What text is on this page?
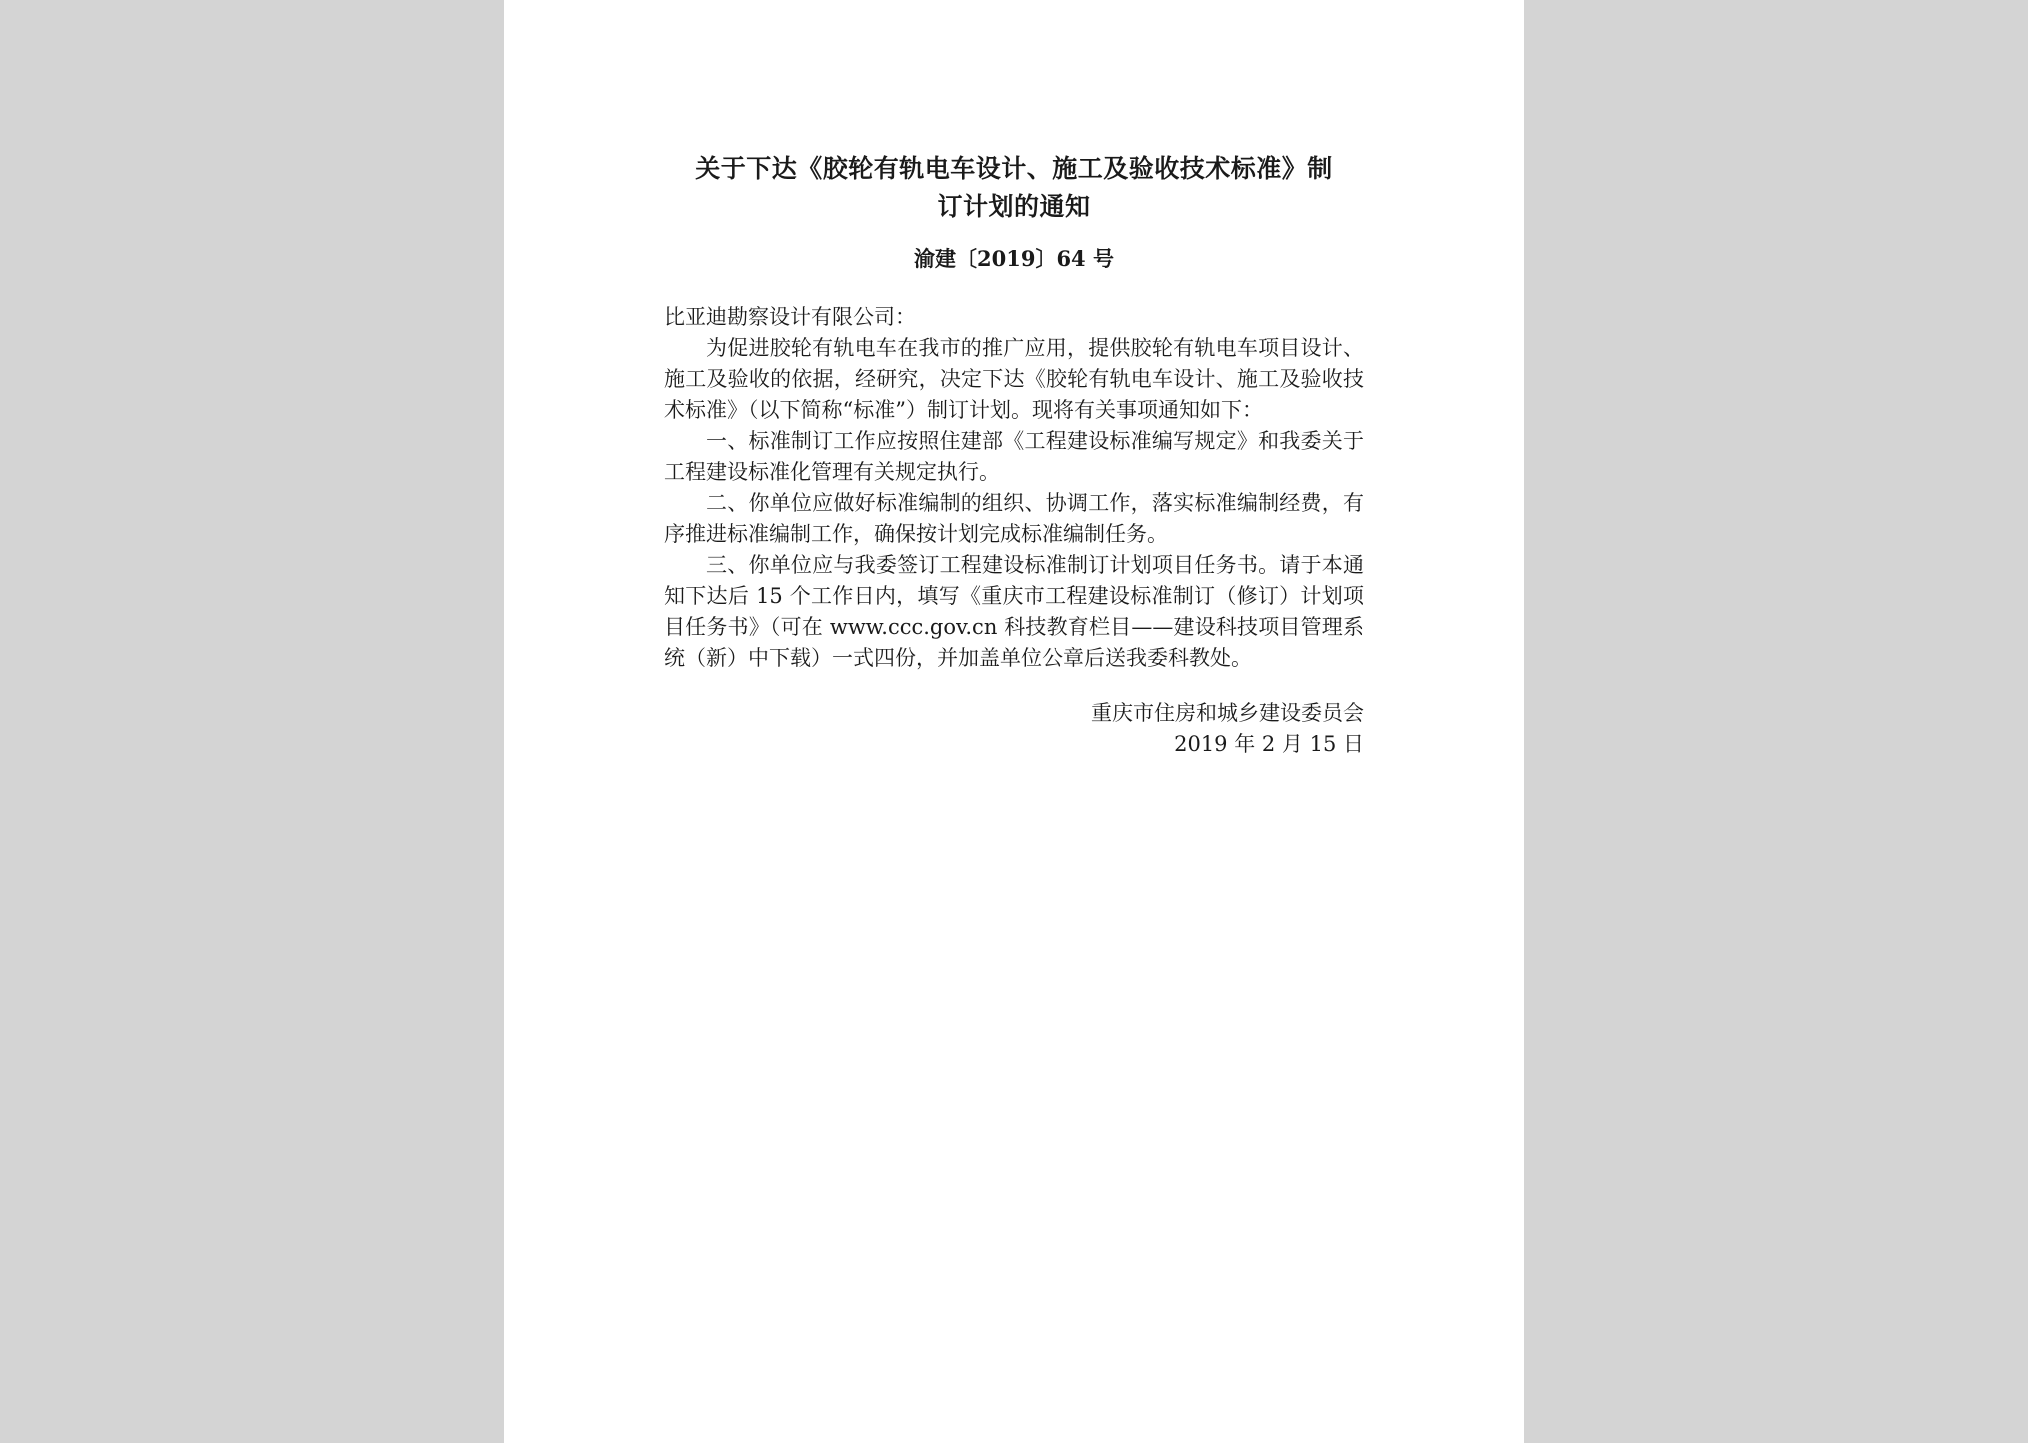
关于下达《胶轮有轨电车设计、施工及验收技术标准》制
订计划的通知
渝建〔2019〕64 号

比亚迪勘察设计有限公司：

为促进胶轮有轨电车在我市的推广应用，提供胶轮有轨电车项目设计、施工及验收的依据，经研究，决定下达《胶轮有轨电车设计、施工及验收技术标准》（以下简称“标准”）制订计划。现将有关事项通知如下：

一、标准制订工作应按照住建部《工程建设标准编写规定》和我委关于工程建设标准化管理有关规定执行。

二、你单位应做好标准编制的组织、协调工作，落实标准编制经费，有序推进标准编制工作，确保按计划完成标准编制任务。

三、你单位应与我委签订工程建设标准制订计划项目任务书。请于本通知下达后 15 个工作日内，填写《重庆市工程建设标准制订（修订）计划项目任务书》（可在 www.ccc.gov.cn 科技教育栏目——建设科技项目管理系统（新）中下载）一式四份，并加盖单位公章后送我委科教处。

重庆市住房和城乡建设委员会
2019 年 2 月 15 日
